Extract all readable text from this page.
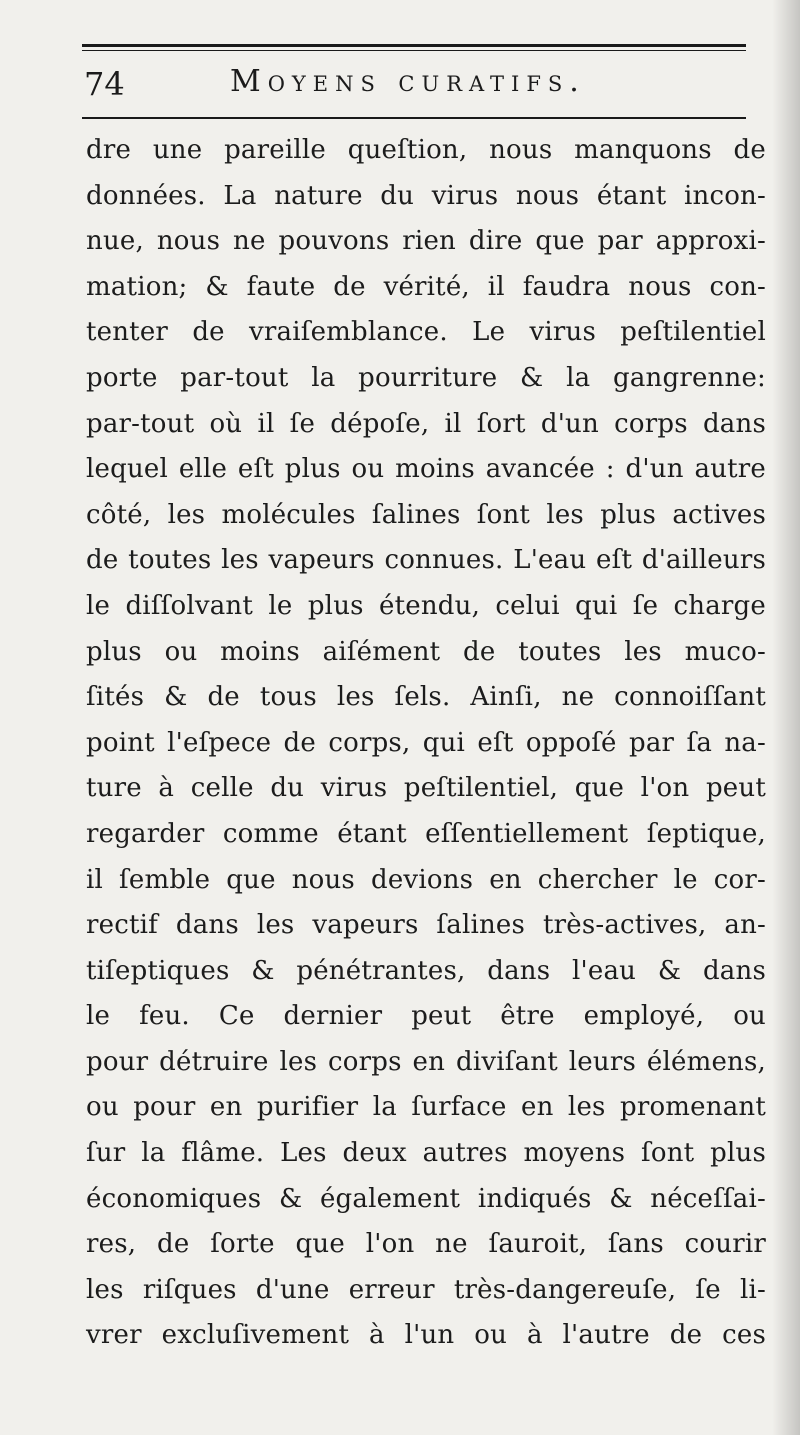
74	Moyens curatifs.
dre une pareille queſtion, nous manquons de
données. La nature du virus nous étant incon-
nue, nous ne pouvons rien dire que par approxi-
mation; & faute de vérité, il faudra nous con-
tenter de vraiſemblance. Le virus peſtilentiel
porte par-tout la pourriture & la gangrenne:
par-tout où il ſe dépoſe, il ſort d'un corps dans
lequel elle eſt plus ou moins avancée : d'un autre
côté, les molécules ſalines ſont les plus actives
de toutes les vapeurs connues. L'eau eſt d'ailleurs
le diſſolvant le plus étendu, celui qui ſe charge
plus ou moins aiſément de toutes les muco-
ſités & de tous les ſels. Ainſi, ne connoiſſant
point l'eſpece de corps, qui eſt oppoſé par ſa na-
ture à celle du virus peſtilentiel, que l'on peut
regarder comme étant eſſentiellement ſeptique,
il ſemble que nous devions en chercher le cor-
rectif dans les vapeurs ſalines très-actives, an-
tiſeptiques & pénétrantes, dans l'eau & dans
le feu. Ce dernier peut être employé, ou
pour détruire les corps en diviſant leurs élémens,
ou pour en purifier la ſurface en les promenant
ſur la flâme. Les deux autres moyens ſont plus
économiques & également indiqués & néceſſai-
res, de ſorte que l'on ne ſauroit, ſans courir
les riſques d'une erreur très-dangereuſe, ſe li-
vrer excluſivement à l'un ou à l'autre de ces
